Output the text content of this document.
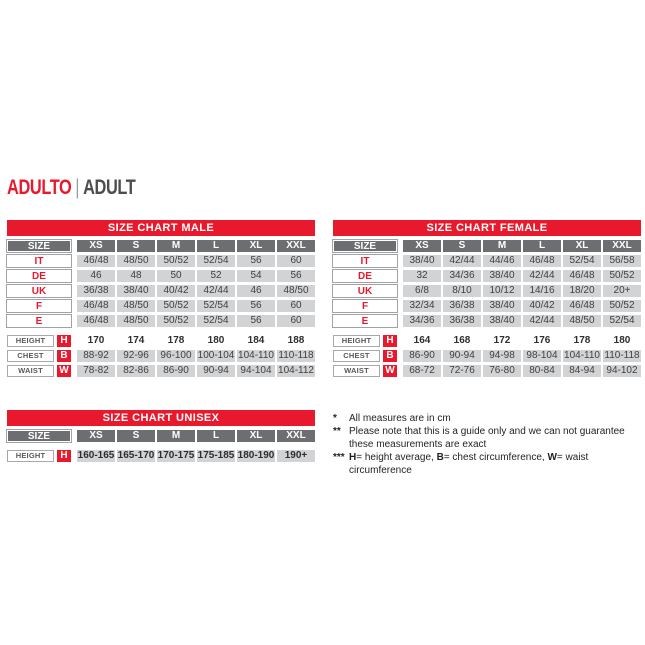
ADULTO | ADULT
SIZE CHART MALE
SIZE	XS	S	M	L	XL	XXL
IT	46/48	48/50	50/52	52/54	56	60
DE	46	48	50	52	54	56
UK	36/38	38/40	40/42	42/44	46	48/50
F	46/48	48/50	50/52	52/54	56	60
E	46/48	48/50	50/52	52/54	56	60
HEIGHT	H	170	174	178	180	184	188
CHEST	B	88-92	92-96	96-100 100-104 104-110 110-118
WAIST	W	78-82	82-86	86-90	90-94	94-104 104-112
SIZE CHART FEMALE
SIZE	XS	S	M	L	XL	XXL
IT	38/40	42/44	44/46	46/48	52/54	56/58
DE	32	34/36	38/40	42/44	46/48	50/52
UK	6/8	8/10	10/12	14/16	18/20	20+
F	32/34	36/38	38/40	40/42	46/48	50/52
E	34/36	36/38	38/40	42/44	48/50	52/54
HEIGHT	H	164	168	172	176	178	180
CHEST	B	86-90	90-94	94-98	98-104 104-110 110-118
WAIST	W	68-72	72-76	76-80	80-84	84-94	94-102
SIZE CHART UNISEX
SIZE	XS	S	M	L	XL	XXL
HEIGHT	H	160-165 165-170 170-175 175-185 180-190	190+
*	All measures are in cm
** Please note that this is a guide only and we can not guarantee these measurements are exact
*** H= height average, B= chest circumference, W= waist circumference
